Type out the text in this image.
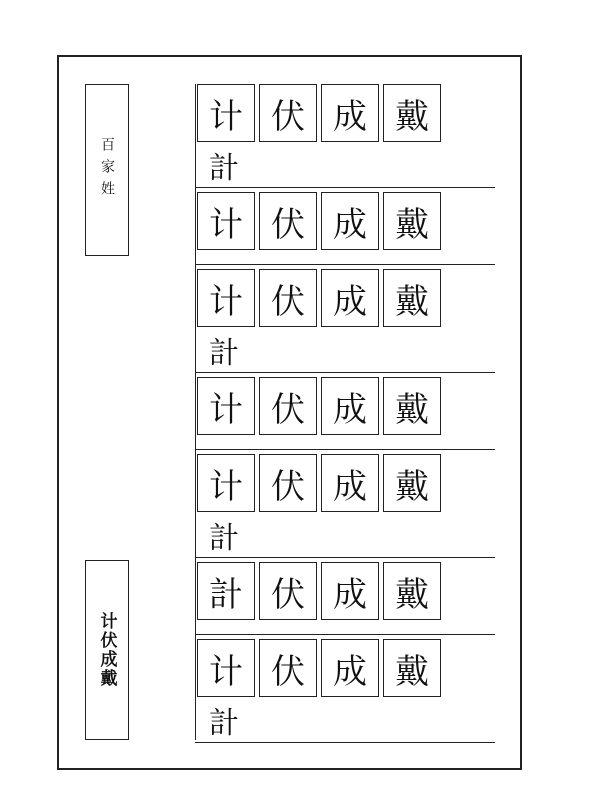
百家姓
计伏成戴
计 伏 成 戴
計
计 伏 成 戴
计 伏 成 戴
計
计 伏 成 戴
计 伏 成 戴
計
計 伏 成 戴
计 伏 成 戴
計
